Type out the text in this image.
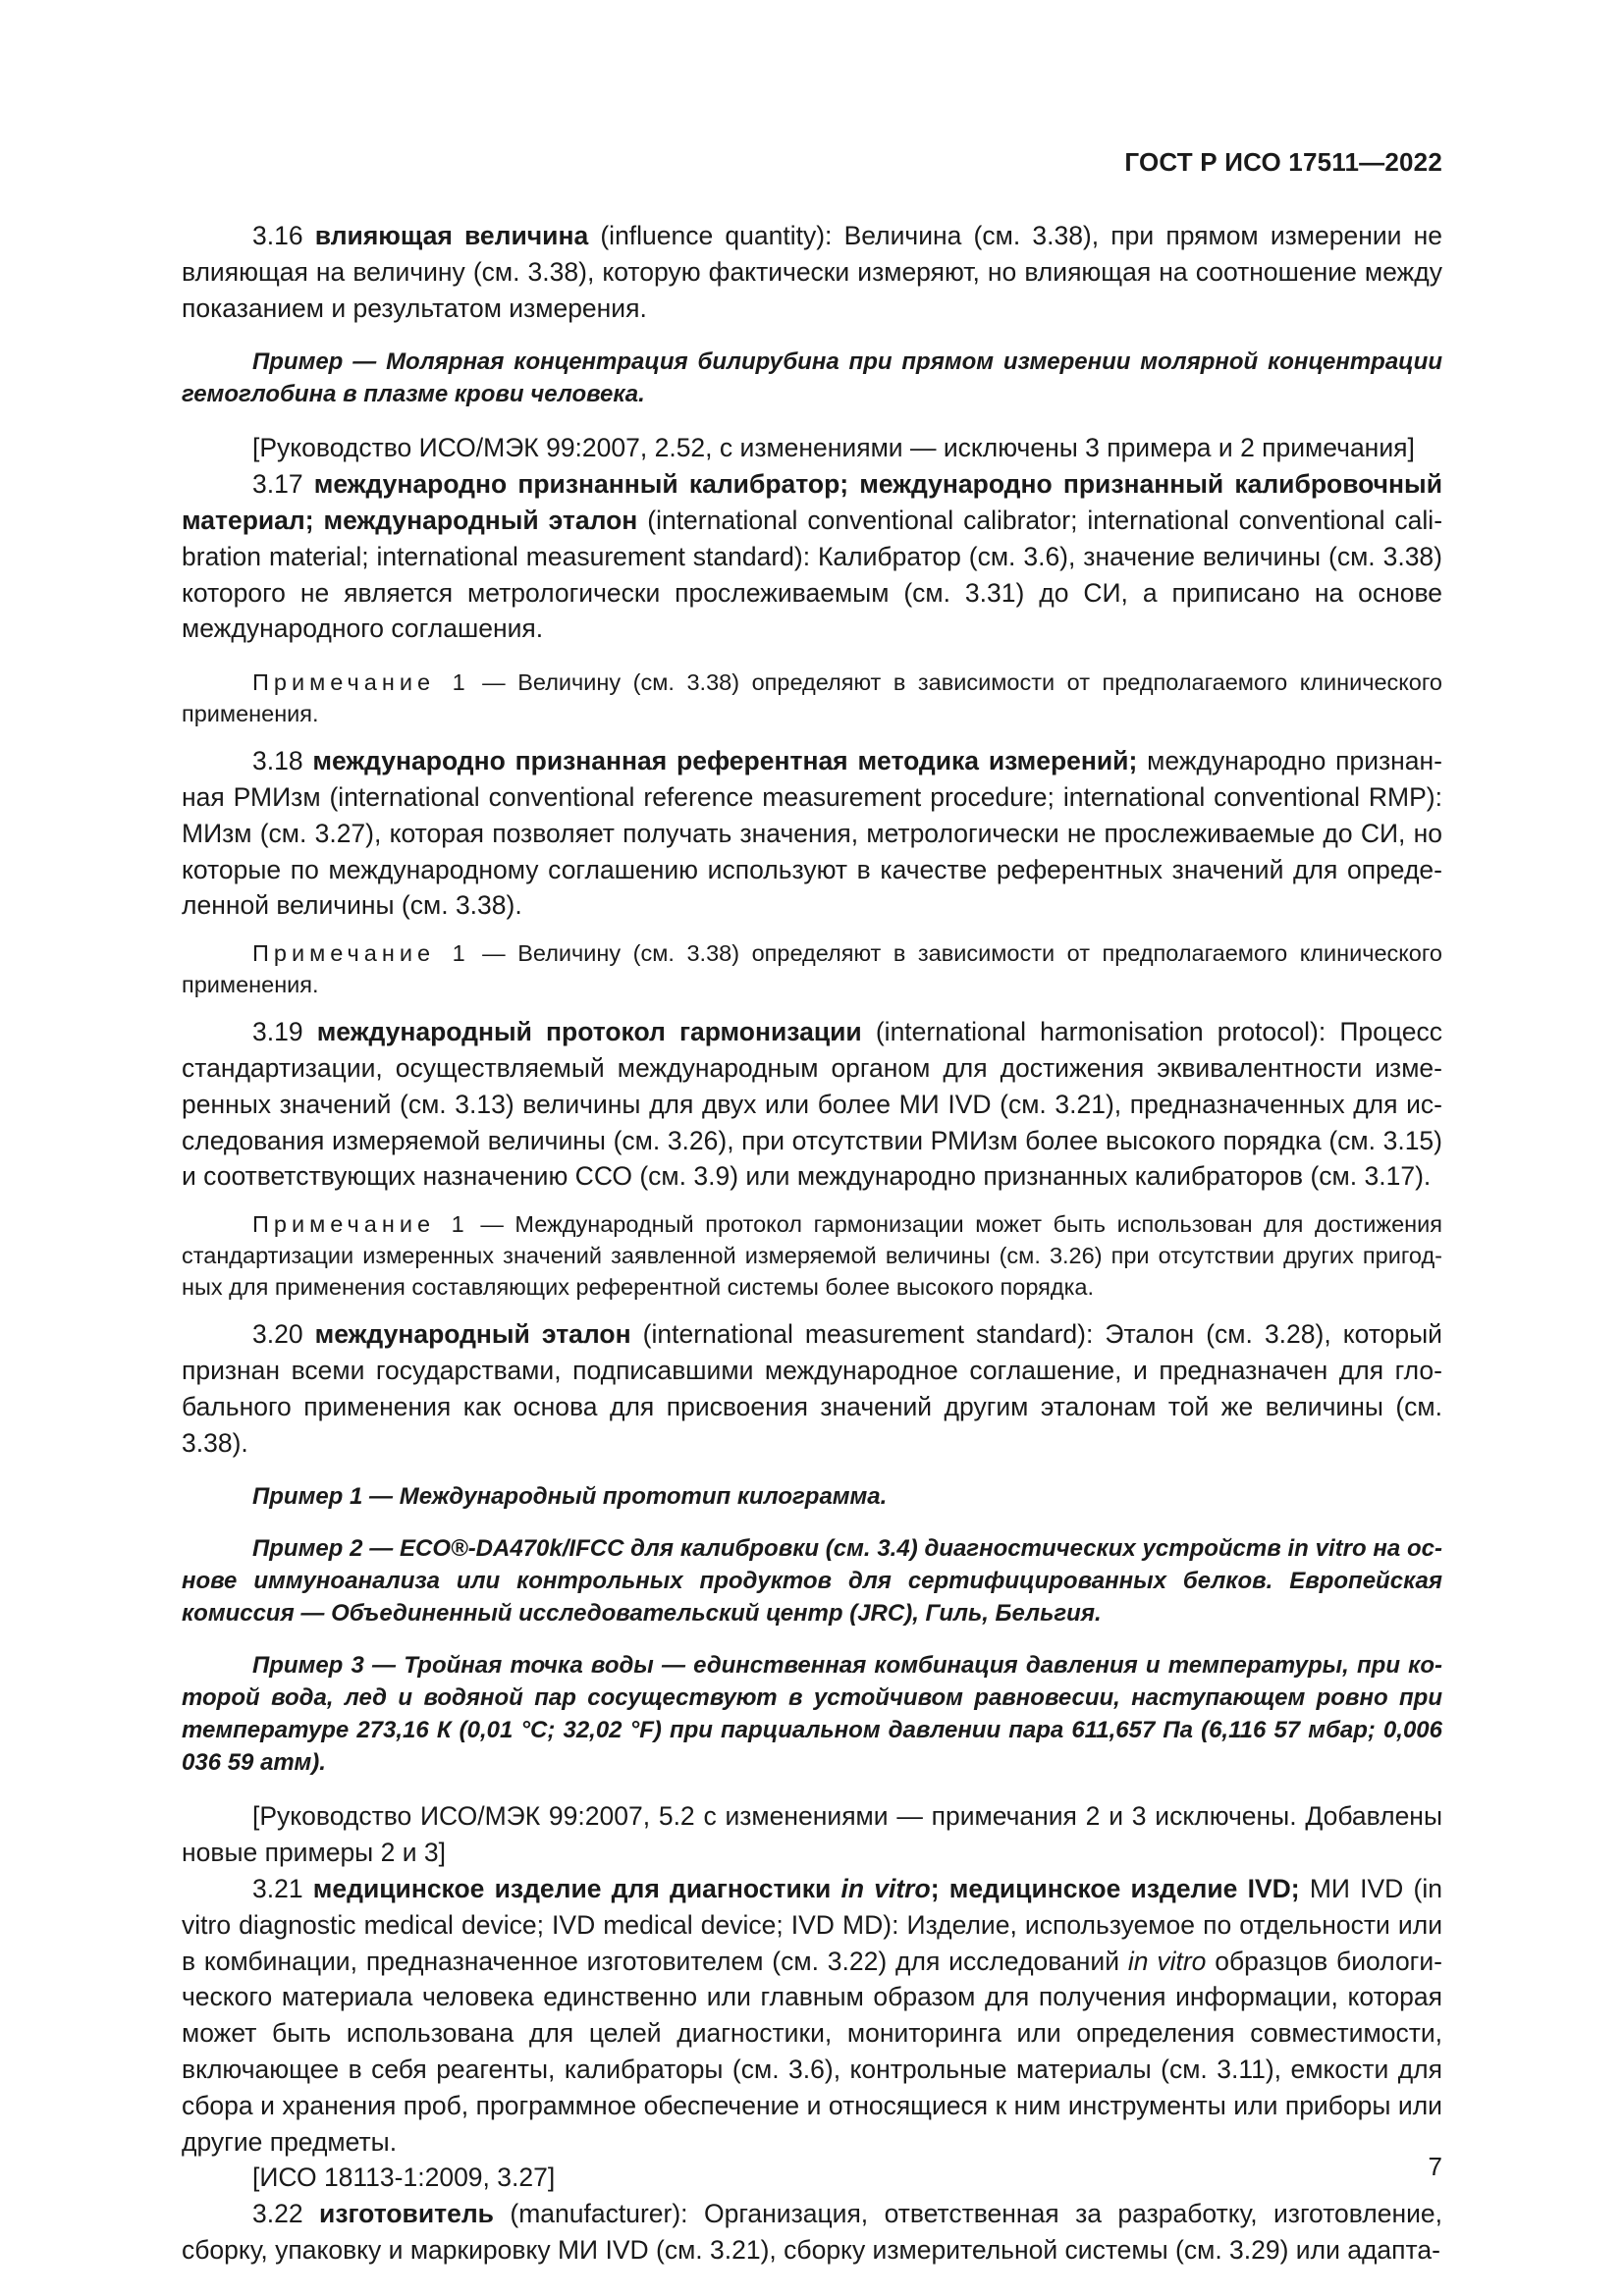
ГОСТ Р ИСО 17511—2022

3.16 влияющая величина (influence quantity): Величина (см. 3.38), при прямом измерении не влияющая на величину (см. 3.38), которую фактически измеряют, но влияющая на соотношение между показанием и результатом измерения.

Пример — Молярная концентрация билирубина при прямом измерении молярной концентрации гемоглобина в плазме крови человека.

[Руководство ИСО/МЭК 99:2007, 2.52, с изменениями — исключены 3 примера и 2 примечания]

3.17 международно признанный калибратор; международно признанный калибровочный материал; международный эталон (international conventional calibrator; international conventional calibration material; international measurement standard): Калибратор (см. 3.6), значение величины (см. 3.38) которого не является метрологически прослеживаемым (см. 3.31) до СИ, а приписано на основе международного соглашения.

Примечание 1 — Величину (см. 3.38) определяют в зависимости от предполагаемого клинического применения.

3.18 международно признанная референтная методика измерений; международно признанная РМИзм (international conventional reference measurement procedure; international conventional RMP): МИзм (см. 3.27), которая позволяет получать значения, метрологически не прослеживаемые до СИ, но которые по международному соглашению используют в качестве референтных значений для определенной величины (см. 3.38).

Примечание 1 — Величину (см. 3.38) определяют в зависимости от предполагаемого клинического применения.

3.19 международный протокол гармонизации (international harmonisation protocol): Процесс стандартизации, осуществляемый международным органом для достижения эквивалентности измеренных значений (см. 3.13) величины для двух или более МИ IVD (см. 3.21), предназначенных для исследования измеряемой величины (см. 3.26), при отсутствии РМИзм более высокого порядка (см. 3.15) и соответствующих назначению ССО (см. 3.9) или международно признанных калибраторов (см. 3.17).

Примечание 1 — Международный протокол гармонизации может быть использован для достижения стандартизации измеренных значений заявленной измеряемой величины (см. 3.26) при отсутствии других пригодных для применения составляющих референтной системы более высокого порядка.

3.20 международный эталон (international measurement standard): Эталон (см. 3.28), который признан всеми государствами, подписавшими международное соглашение, и предназначен для глобального применения как основа для присвоения значений другим эталонам той же величины (см. 3.38).

Пример 1 — Международный прототип килограмма.

Пример 2 — ECO®-DA470k/IFCC для калибровки (см. 3.4) диагностических устройств in vitro на основе иммуноанализа или контрольных продуктов для сертифицированных белков. Европейская комиссия — Объединенный исследовательский центр (JRC), Гиль, Бельгия.

Пример 3 — Тройная точка воды — единственная комбинация давления и температуры, при которой вода, лед и водяной пар сосуществуют в устойчивом равновесии, наступающем ровно при температуре 273,16 К (0,01 °С; 32,02 °F) при парциальном давлении пара 611,657 Па (6,116 57 мбар; 0,006 036 59 атм).

[Руководство ИСО/МЭК 99:2007, 5.2 с изменениями — примечания 2 и 3 исключены. Добавлены новые примеры 2 и 3]

3.21 медицинское изделие для диагностики in vitro; медицинское изделие IVD; МИ IVD (in vitro diagnostic medical device; IVD medical device; IVD MD): Изделие, используемое по отдельности или в комбинации, предназначенное изготовителем (см. 3.22) для исследований in vitro образцов биологического материала человека единственно или главным образом для получения информации, которая может быть использована для целей диагностики, мониторинга или определения совместимости, включающее в себя реагенты, калибраторы (см. 3.6), контрольные материалы (см. 3.11), емкости для сбора и хранения проб, программное обеспечение и относящиеся к ним инструменты или приборы или другие предметы.

[ИСО 18113-1:2009, 3.27]

3.22 изготовитель (manufacturer): Организация, ответственная за разработку, изготовление, сборку, упаковку и маркировку МИ IVD (см. 3.21), сборку измерительной системы (см. 3.29) или адапта-

7
